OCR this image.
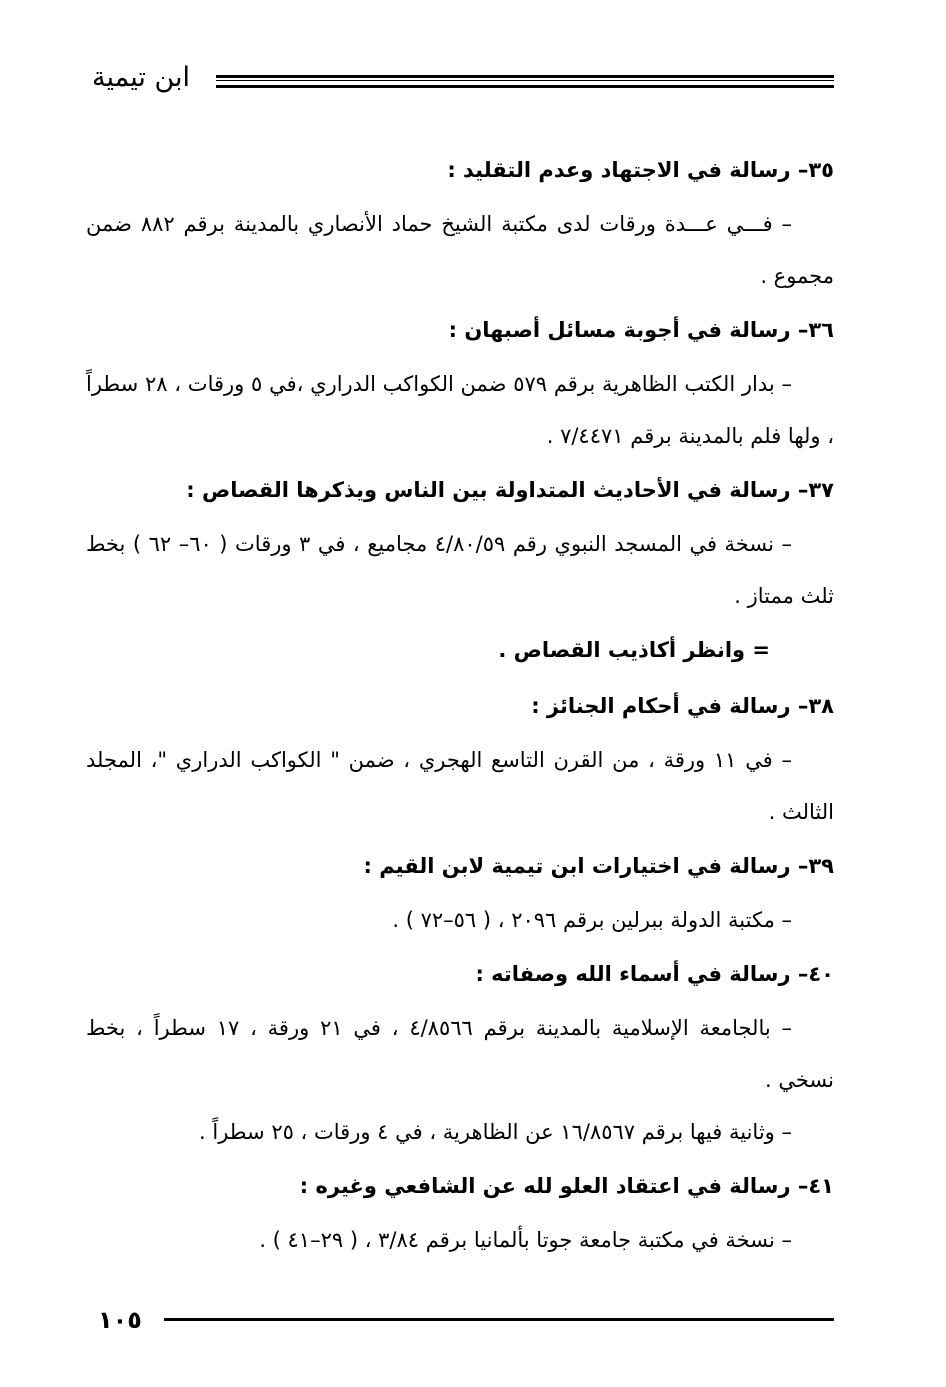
ابن تيمية
٣٥– رسالة في الاجتهاد وعدم التقليد :
– فـــي عـــدة ورقات لدى مكتبة الشيخ حماد الأنصاري بالمدينة برقم ٨٨٢ ضمن مجموع .
٣٦– رسالة في أجوبة مسائل أصبهان :
– بدار الكتب الظاهرية برقم ٥٧٩ ضمن الكواكب الدراري ،في ٥ ورقات ، ٢٨ سطراً ، ولها فلم بالمدينة برقم ٧/٤٤٧١ .
٣٧– رسالة في الأحاديث المتداولة بين الناس ويذكرها القصاص :
– نسخة في المسجد النبوي رقم ٤/٨٠/٥٩ مجاميع ، في ٣ ورقات ( ٦٠– ٦٢ ) بخط ثلث ممتاز .
= وانظر أكاذيب القصاص .
٣٨– رسالة في أحكام الجنائز :
– في ١١ ورقة ، من القرن التاسع الهجري ، ضمن " الكواكب الدراري "، المجلد الثالث .
٣٩– رسالة في اختيارات ابن تيمية لابن القيم :
– مكتبة الدولة ببرلين برقم ٢٠٩٦ ، ( ٥٦–٧٢ ) .
٤٠– رسالة في أسماء الله وصفاته :
– بالجامعة الإسلامية بالمدينة برقم ٤/٨٥٦٦ ، في ٢١ ورقة ، ١٧ سطراً ، بخط نسخي .
– وثانية فيها برقم ١٦/٨٥٦٧ عن الظاهرية ، في ٤ ورقات ، ٢٥ سطراً .
٤١– رسالة في اعتقاد العلو لله عن الشافعي وغيره :
– نسخة في مكتبة جامعة جوتا بألمانيا برقم ٣/٨٤ ، ( ٢٩–٤١ ) .
١٠٥
